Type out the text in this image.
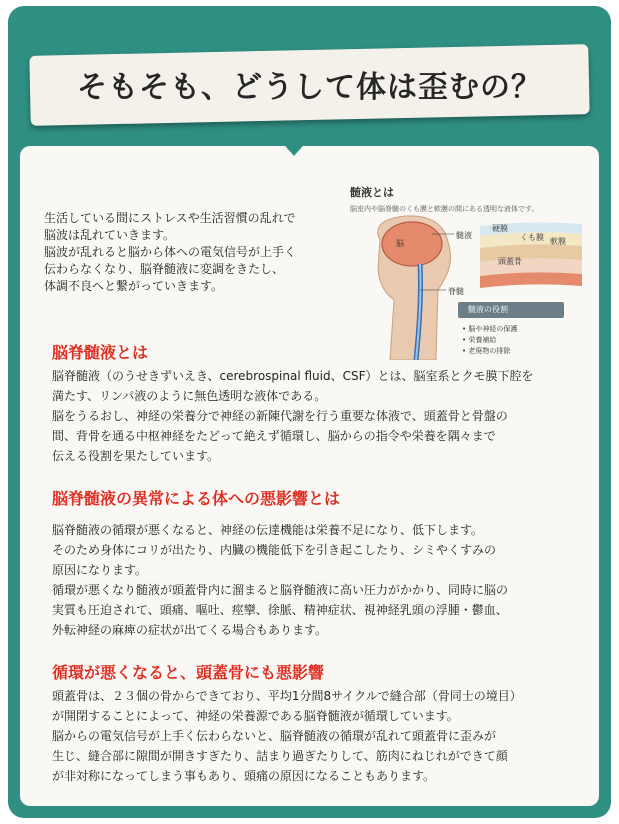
そもそも、どうして体は歪むの？
生活している間にストレスや生活習慣の乱れで
脳波は乱れていきます。
脳波が乱れると脳から体への電気信号が上手く
伝わらなくなり、脳脊髄液に変調をきたし、
体調不良へと繋がっていきます。
髄液とは
脳室内や脳脊髄のくも膜と軟膜の間にある透明な液体です。
脳
髄液
硬膜
くも膜 軟膜
頭蓋骨
脊髄
髄液の役割
• 脳や神経の保護
• 栄養補給
• 老廃物の排除
脳脊髄液とは
脳脊髄液（のうせきずいえき、cerebrospinal fluid、CSF）とは、脳室系とクモ膜下腔を
満たす、リンパ液のように無色透明な液体である。
脳をうるおし、神経の栄養分で神経の新陳代謝を行う重要な体液で、頭蓋骨と骨盤の
間、背骨を通る中枢神経をたどって絶えず循環し、脳からの指令や栄養を隅々まで
伝える役割を果たしています。
脳脊髄液の異常による体への悪影響とは
脳脊髄液の循環が悪くなると、神経の伝達機能は栄養不足になり、低下します。
そのため身体にコリが出たり、内臓の機能低下を引き起こしたり、シミやくすみの
原因になります。
循環が悪くなり髄液が頭蓋骨内に溜まると脳脊髄液に高い圧力がかかり、同時に脳の
実質も圧迫されて、頭痛、嘔吐、痙攣、徐脈、精神症状、視神経乳頭の浮腫・鬱血、
外転神経の麻痺の症状が出てくる場合もあります。
循環が悪くなると、頭蓋骨にも悪影響
頭蓋骨は、２３個の骨からできており、平均1分間8サイクルで縫合部（骨同士の境目）
が開閉することによって、神経の栄養源である脳脊髄液が循環しています。
脳からの電気信号が上手く伝わらないと、脳脊髄液の循環が乱れて頭蓋骨に歪みが
生じ、縫合部に隙間が開きすぎたり、詰まり過ぎたりして、筋肉にねじれができて顔
が非対称になってしまう事もあり、頭痛の原因になることもあります。
